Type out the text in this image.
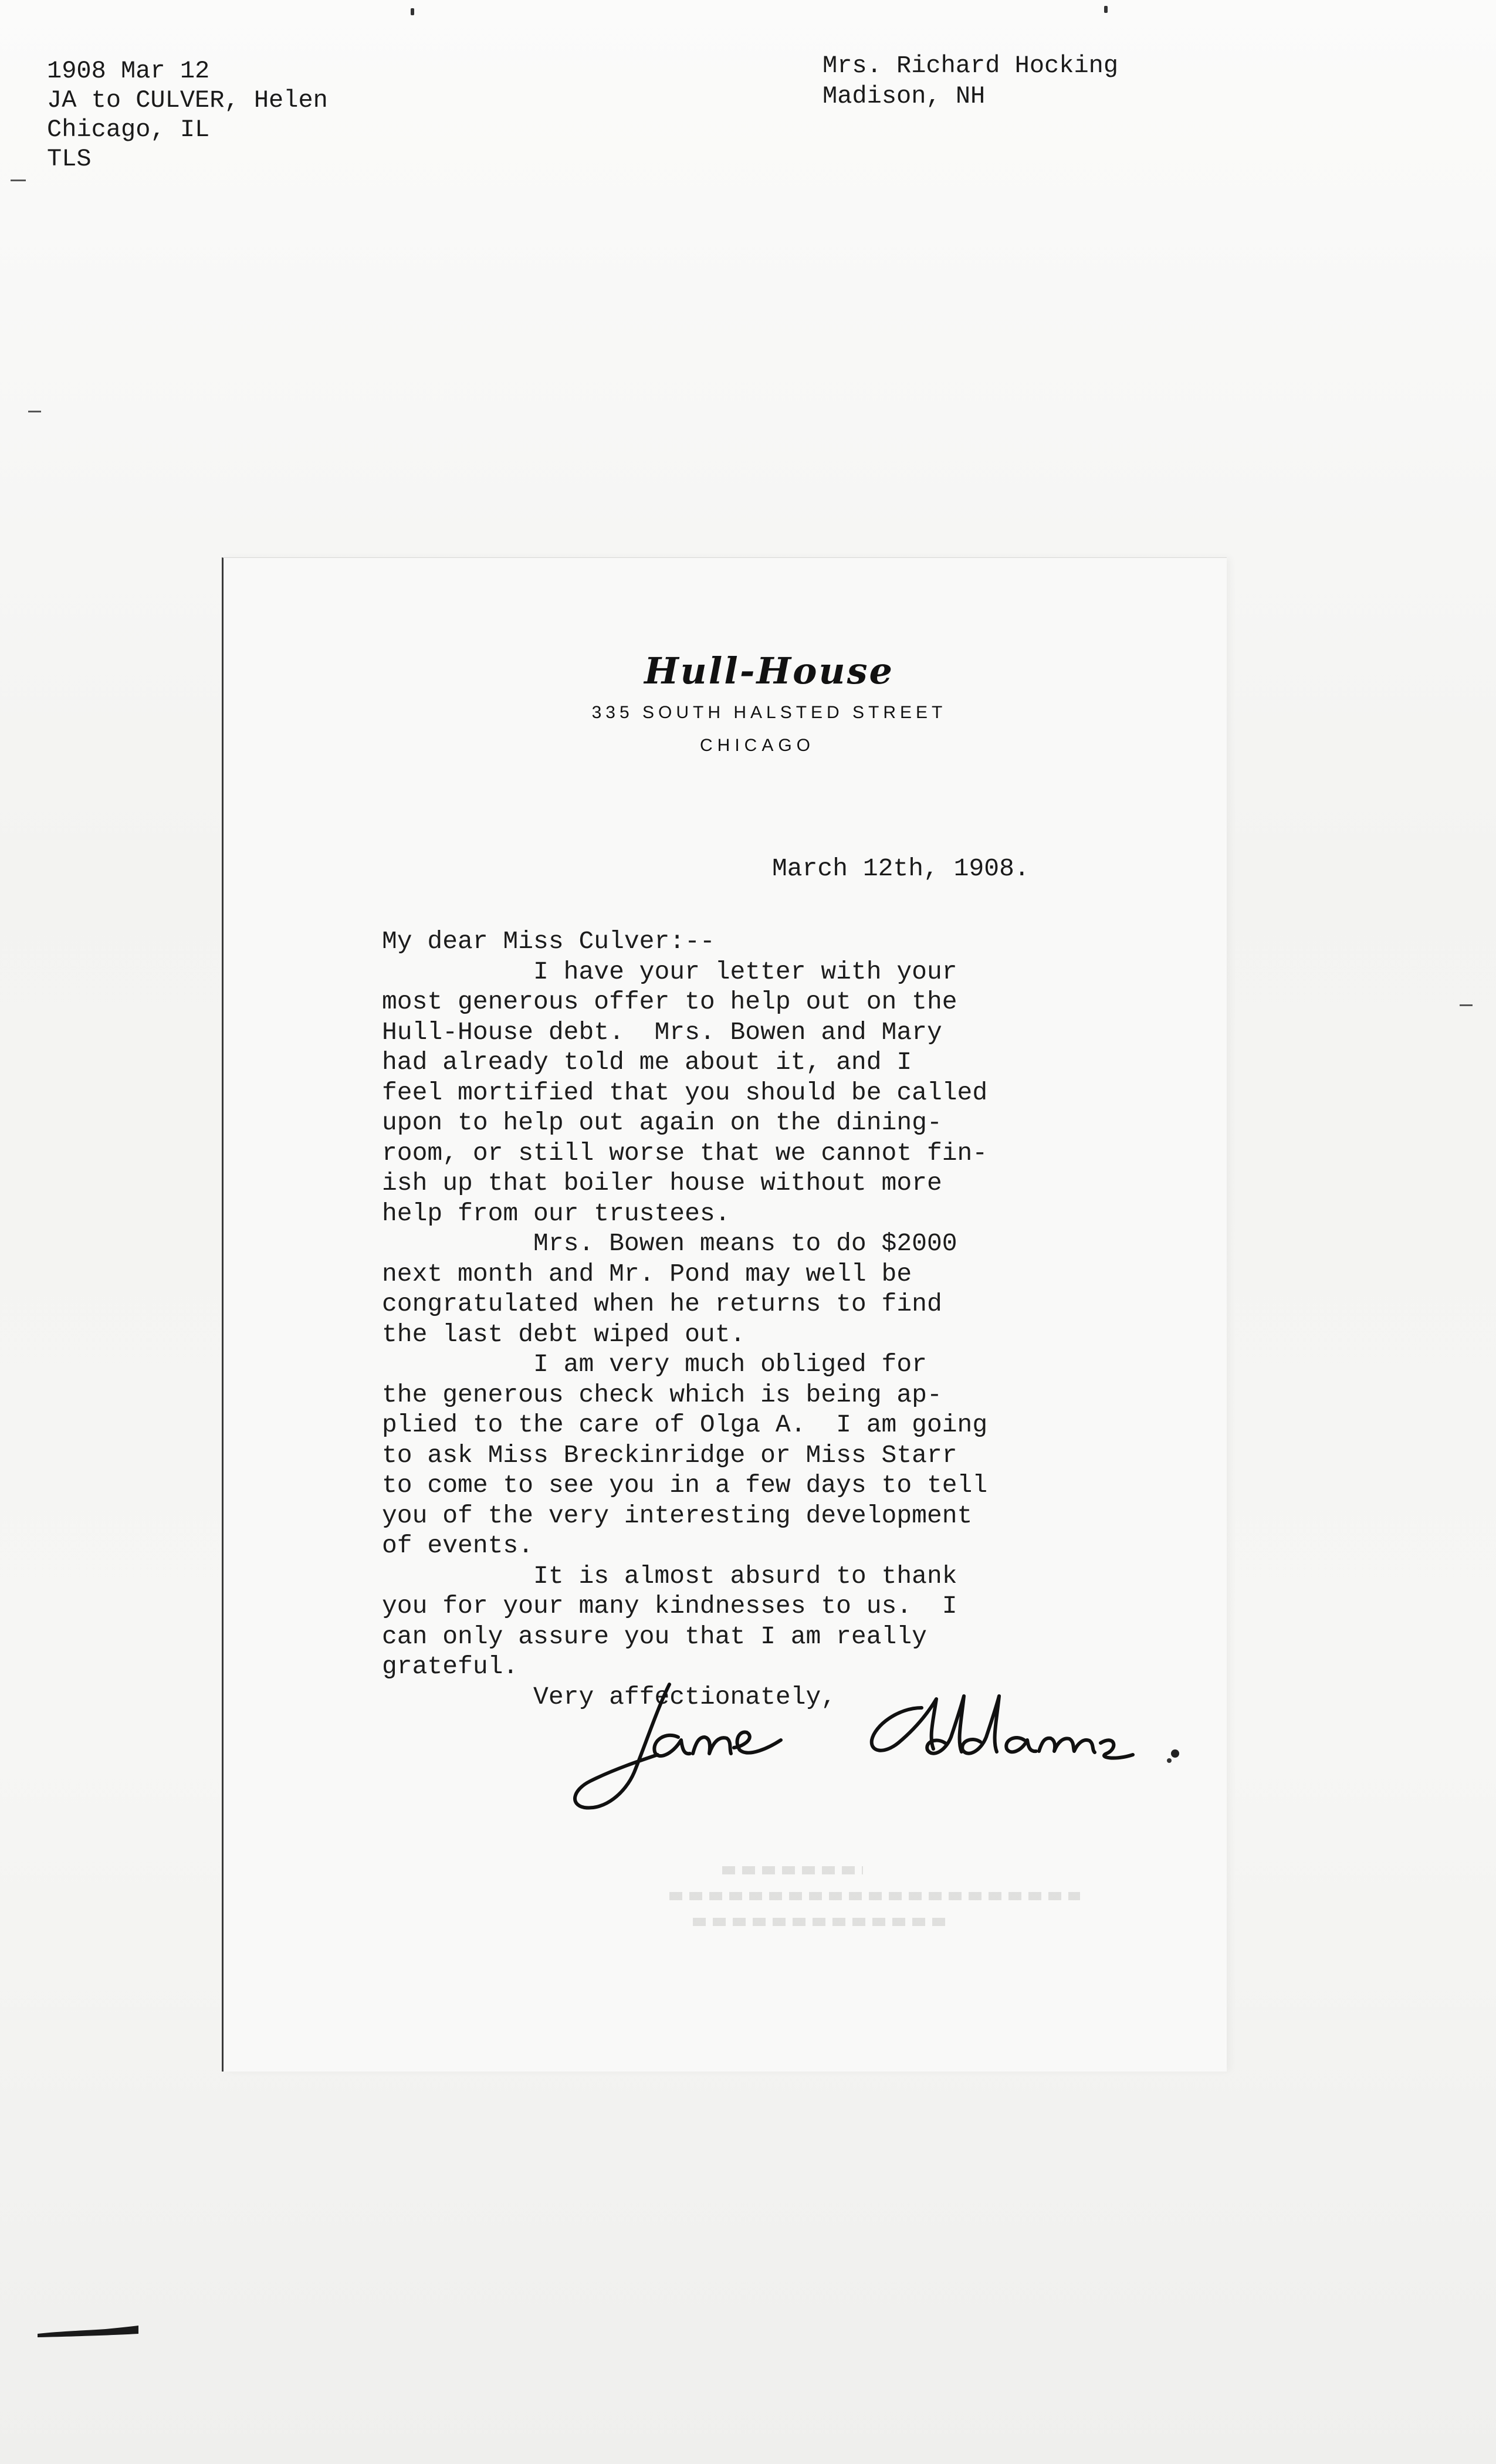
1908 Mar 12
JA to CULVER, Helen
Chicago, IL
TLS
Mrs. Richard Hocking
Madison, NH
Hull-House
335 SOUTH HALSTED STREET
CHICAGO
March 12th, 1908.
My dear Miss Culver:--
I have your letter with your
most generous offer to help out on the
Hull-House debt.  Mrs. Bowen and Mary
had already told me about it, and I
feel mortified that you should be called
upon to help out again on the dining-
room, or still worse that we cannot fin-
ish up that boiler house without more
help from our trustees.
Mrs. Bowen means to do $2000
next month and Mr. Pond may well be
congratulated when he returns to find
the last debt wiped out.
I am very much obliged for
the generous check which is being ap-
plied to the care of Olga A.  I am going
to ask Miss Breckinridge or Miss Starr
to come to see you in a few days to tell
you of the very interesting development
of events.
It is almost absurd to thank
you for your many kindnesses to us.  I
can only assure you that I am really
grateful.
Very affectionately,
